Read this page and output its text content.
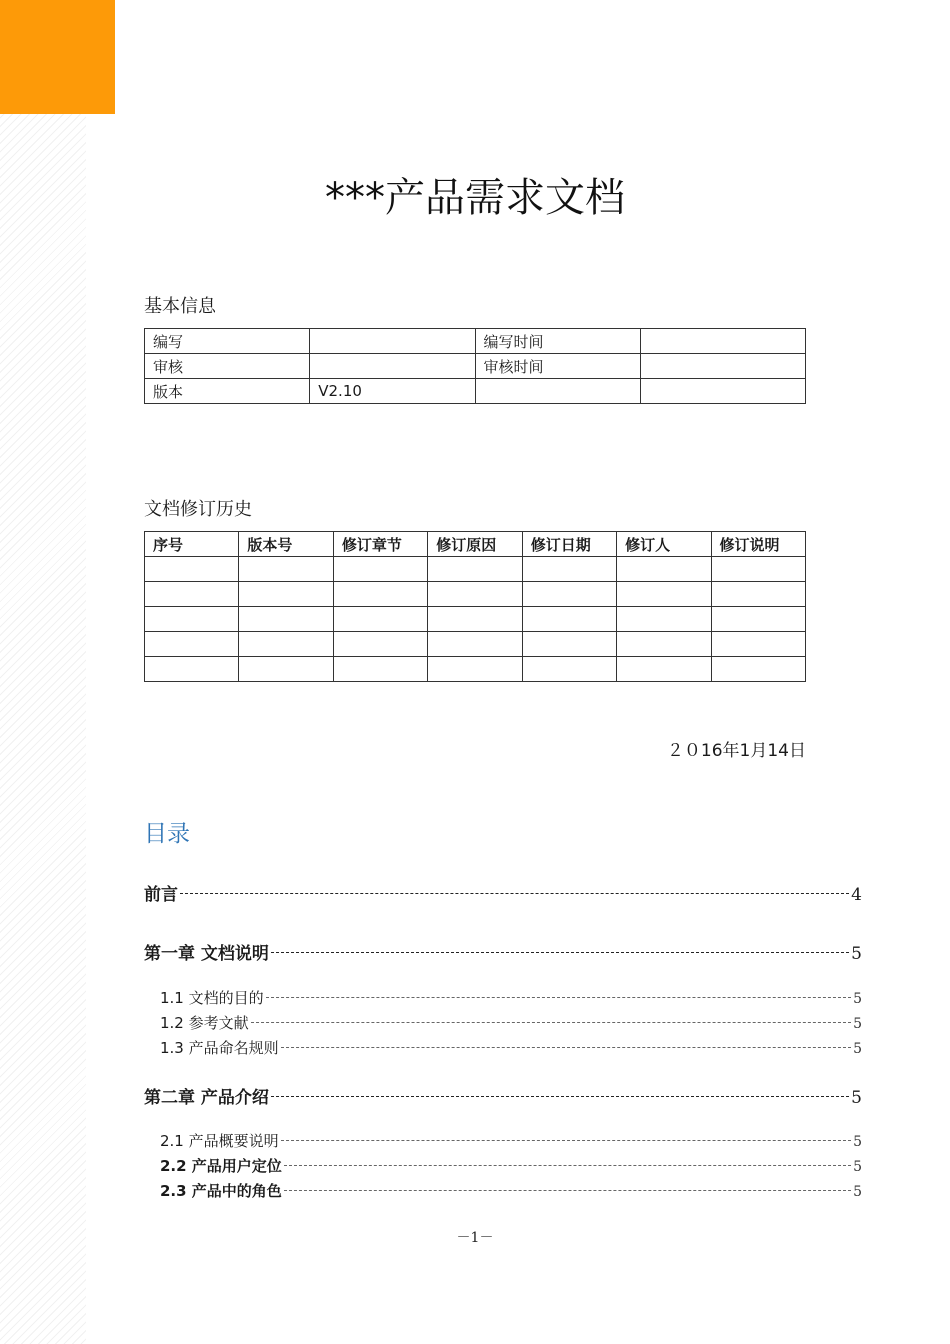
***产品需求文档
基本信息
编写		编写时间	
审核		审核时间	
版本	V2.10		
文档修订历史
序号	版本号	修订章节	修订原因	修订日期	修订人	修订说明

２０16年1月14日
目录
前言	4
第一章 文档说明	5
1.1 文档的目的	5
1.2 参考文献	5
1.3 产品命名规则	5
第二章 产品介绍	5
2.1 产品概要说明	5
2.2 产品用户定位	5
2.3 产品中的角色	5
－1－
